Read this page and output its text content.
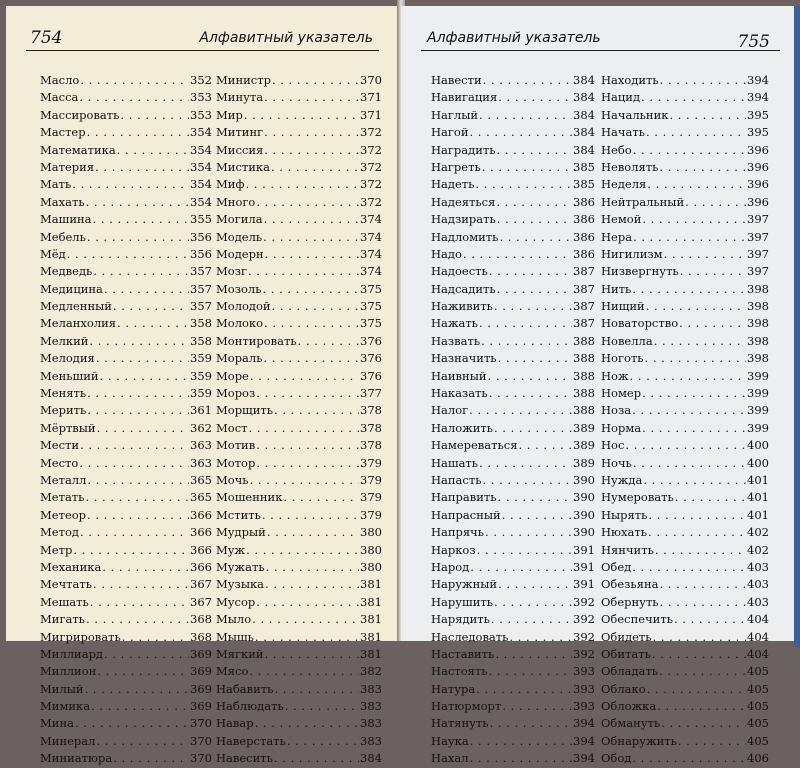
754	Алфавитный указатель
Масло . . .	352
Масса . . .	353
Массировать . . .	353
Мастер . . .	354
Математика . . .	354
Материя . . .	354
Мать . . .	354
Махать . . .	354
Машина . . .	355
Мебель . . .	356
Мёд . . .	356
Медведь . . .	357
Медицина . . .	357
Медленный . . .	357
Меланхолия . . .	358
Мелкий . . .	358
Мелодия . . .	359
Меньший . . .	359
Менять . . .	359
Мерить . . .	361
Мёртвый . . .	362
Мести . . .	363
Место . . .	363
Металл . . .	365
Метать . . .	365
Метеор . . .	366
Метод . . .	366
Метр . . .	366
Механика . . .	366
Мечтать . . .	367
Мешать . . .	367
Мигать . . .	368
Мигрировать . . .	368
Миллиард . . .	369
Миллион . . .	369
Милый . . .	369
Мимика . . .	369
Мина . . .	370
Минерал . . .	370
Миниатюра . . .	370
Министр . . .	370
Минута . . .	371
Мир . . .	371
Митинг . . .	372
Миссия . . .	372
Мистика . . .	372
Миф . . .	372
Много . . .	372
Могила . . .	374
Модель . . .	374
Модерн . . .	374
Мозг . . .	374
Мозоль . . .	375
Молодой . . .	375
Молоко . . .	375
Монтировать . . .	376
Мораль . . .	376
Море . . .	376
Мороз . . .	377
Морщить . . .	378
Мост . . .	378
Мотив . . .	378
Мотор . . .	379
Мочь . . .	379
Мошенник . . .	379
Мстить . . .	379
Мудрый . . .	380
Муж . . .	380
Мужать . . .	380
Музыка . . .	381
Мусор . . .	381
Мыло . . .	381
Мышь . . .	381
Мягкий . . .	381
Мясо . . .	382
Набавить . . .	383
Наблюдать . . .	383
Навар . . .	383
Наверстать . . .	383
Навесить . . .	384
Алфавитный указатель	755
Навести . . .	384
Навигация . . .	384
Наглый . . .	384
Нагой . . .	384
Наградить . . .	384
Нагреть . . .	385
Надеть . . .	385
Надеяться . . .	386
Надзирать . . .	386
Надломить . . .	386
Надо . . .	386
Надоесть . . .	387
Надсадить . . .	387
Наживить . . .	387
Нажать . . .	387
Назвать . . .	388
Назначить . . .	388
Наивный . . .	388
Наказать . . .	388
Налог . . .	388
Наложить . . .	389
Намереваться . . .	389
Нашать . . .	389
Напасть . . .	390
Направить . . .	390
Напрасный . . .	390
Напрячь . . .	390
Наркоз . . .	391
Народ . . .	391
Наружный . . .	391
Нарушить . . .	392
Нарядить . . .	392
Наследовать . . .	392
Наставить . . .	392
Настоять . . .	393
Натура . . .	393
Натюрморт . . .	393
Натянуть . . .	394
Наука . . .	394
Нахал . . .	394
Находить . . .	394
Нацид . . .	394
Начальник . . .	395
Начать . . .	395
Небо . . .	396
Неволять . . .	396
Неделя . . .	396
Нейтральный . . .	396
Немой . . .	397
Нера . . .	397
Нигилизм . . .	397
Низвергнуть . . .	397
Нить . . .	398
Нищий . . .	398
Новаторство . . .	398
Новелла . . .	398
Ноготь . . .	398
Нож . . .	399
Номер . . .	399
Ноза . . .	399
Норма . . .	399
Нос . . .	400
Ночь . . .	400
Нужда . . .	401
Нумеровать . . .	401
Нырять . . .	401
Нюхать . . .	402
Нянчить . . .	402
Обед . . .	403
Обезьяна . . .	403
Обернуть . . .	403
Обеспечить . . .	404
Обидеть . . .	404
Обитать . . .	404
Обладать . . .	405
Облако . . .	405
Обложка . . .	405
Обмануть . . .	405
Обнаружить . . .	405
Обод . . .	406
